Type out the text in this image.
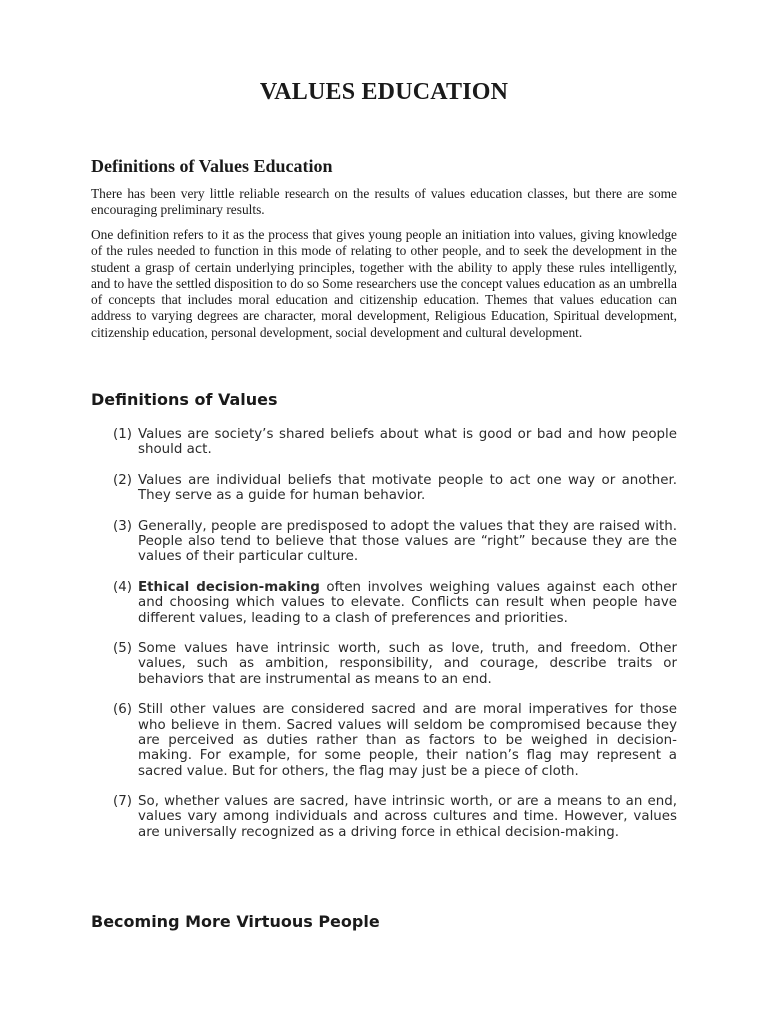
VALUES EDUCATION
Definitions of Values Education

There has been very little reliable research on the results of values education classes, but there are some encouraging preliminary results.

One definition refers to it as the process that gives young people an initiation into values, giving knowledge of the rules needed to function in this mode of relating to other people, and to seek the development in the student a grasp of certain underlying principles, together with the ability to apply these rules intelligently, and to have the settled disposition to do so Some researchers use the concept values education as an umbrella of concepts that includes moral education and citizenship education. Themes that values education can address to varying degrees are character, moral development, Religious Education, Spiritual development, citizenship education, personal development, social development and cultural development.

Definitions of Values
(1) Values are society’s shared beliefs about what is good or bad and how people should act.
(2) Values are individual beliefs that motivate people to act one way or another. They serve as a guide for human behavior.
(3) Generally, people are predisposed to adopt the values that they are raised with. People also tend to believe that those values are “right” because they are the values of their particular culture.
(4) Ethical decision-making often involves weighing values against each other and choosing which values to elevate. Conflicts can result when people have different values, leading to a clash of preferences and priorities.
(5) Some values have intrinsic worth, such as love, truth, and freedom. Other values, such as ambition, responsibility, and courage, describe traits or behaviors that are instrumental as means to an end.
(6) Still other values are considered sacred and are moral imperatives for those who believe in them. Sacred values will seldom be compromised because they are perceived as duties rather than as factors to be weighed in decision-making. For example, for some people, their nation’s flag may represent a sacred value. But for others, the flag may just be a piece of cloth.
(7) So, whether values are sacred, have intrinsic worth, or are a means to an end, values vary among individuals and across cultures and time. However, values are universally recognized as a driving force in ethical decision-making.
Becoming More Virtuous People
